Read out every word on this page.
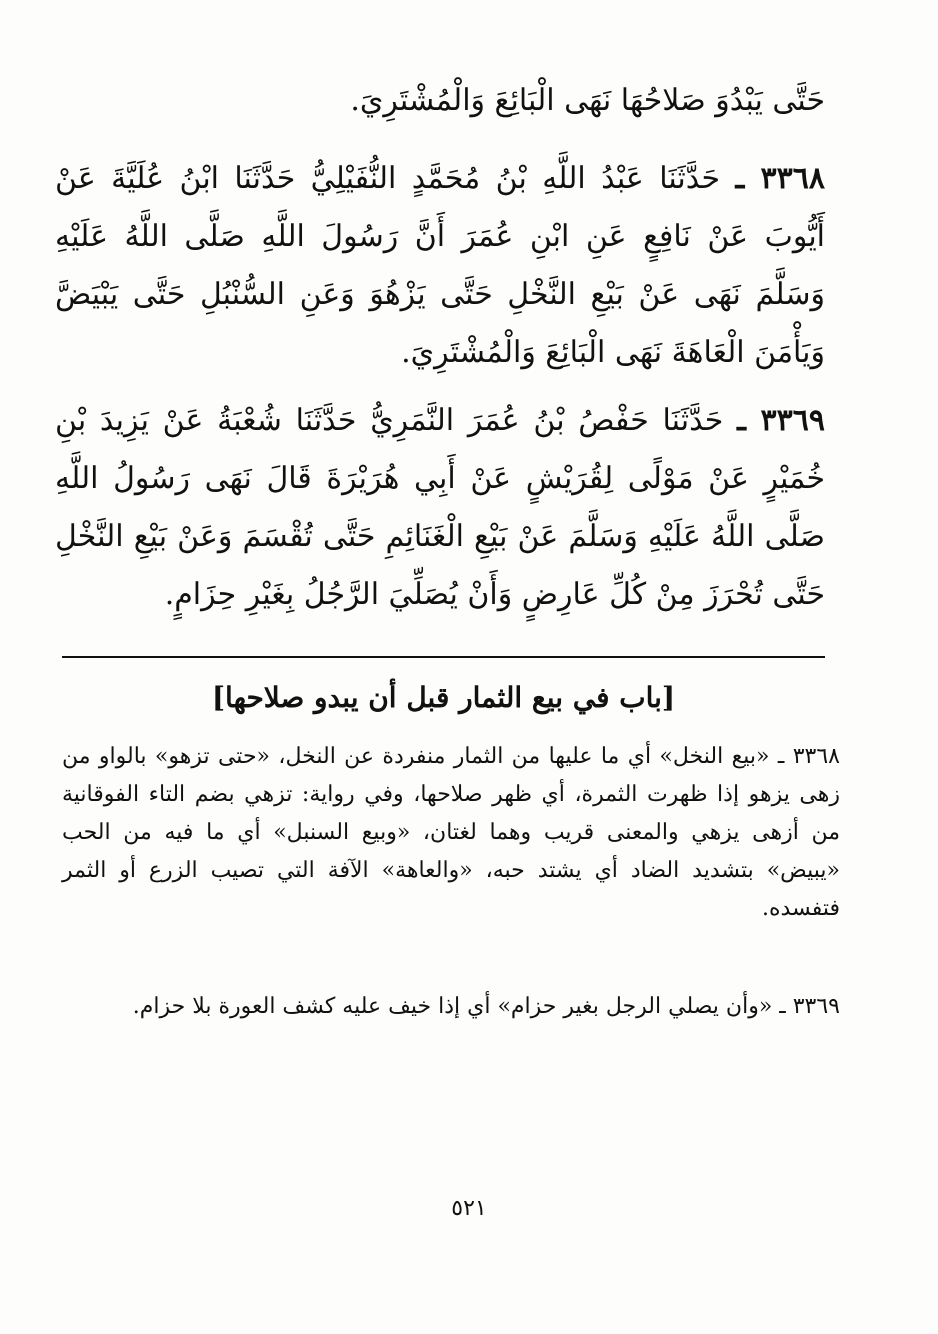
حَتَّى يَبْدُوَ صَلاحُهَا نَهَى الْبَائِعَ وَالْمُشْتَرِيَ.
٣٣٦٨ ـ حَدَّثَنَا عَبْدُ اللَّهِ بْنُ مُحَمَّدٍ النُّفَيْلِيُّ حَدَّثَنَا ابْنُ عُلَيَّةَ عَنْ أَيُّوبَ عَنْ نَافِعٍ عَنِ ابْنِ عُمَرَ أَنَّ رَسُولَ اللَّهِ صَلَّى اللَّهُ عَلَيْهِ وَسَلَّمَ نَهَى عَنْ بَيْعِ النَّخْلِ حَتَّى يَزْهُوَ وَعَنِ السُّنْبُلِ حَتَّى يَبْيَضَّ وَيَأْمَنَ الْعَاهَةَ نَهَى الْبَائِعَ وَالْمُشْتَرِيَ.
٣٣٦٩ ـ حَدَّثَنَا حَفْصُ بْنُ عُمَرَ النَّمَرِيُّ حَدَّثَنَا شُعْبَةُ عَنْ يَزِيدَ بْنِ خُمَيْرٍ عَنْ مَوْلًى لِقُرَيْشٍ عَنْ أَبِي هُرَيْرَةَ قَالَ نَهَى رَسُولُ اللَّهِ صَلَّى اللَّهُ عَلَيْهِ وَسَلَّمَ عَنْ بَيْعِ الْغَنَائِمِ حَتَّى تُقْسَمَ وَعَنْ بَيْعِ النَّخْلِ حَتَّى تُحْرَزَ مِنْ كُلِّ عَارِضٍ وَأَنْ يُصَلِّيَ الرَّجُلُ بِغَيْرِ حِزَامٍ.
[باب في بيع الثمار قبل أن يبدو صلاحها]
٣٣٦٨ ـ «بيع النخل» أي ما عليها من الثمار منفردة عن النخل، «حتى تزهو» بالواو من زهى يزهو إذا ظهرت الثمرة، أي ظهر صلاحها، وفي رواية: تزهي بضم التاء الفوقانية من أزهى يزهي والمعنى قريب وهما لغتان، «وبيع السنبل» أي ما فيه من الحب «يبيض» بتشديد الضاد أي يشتد حبه، «والعاهة» الآفة التي تصيب الزرع أو الثمر فتفسده.
٣٣٦٩ ـ «وأن يصلي الرجل بغير حزام» أي إذا خيف عليه كشف العورة بلا حزام.
٥٢١
